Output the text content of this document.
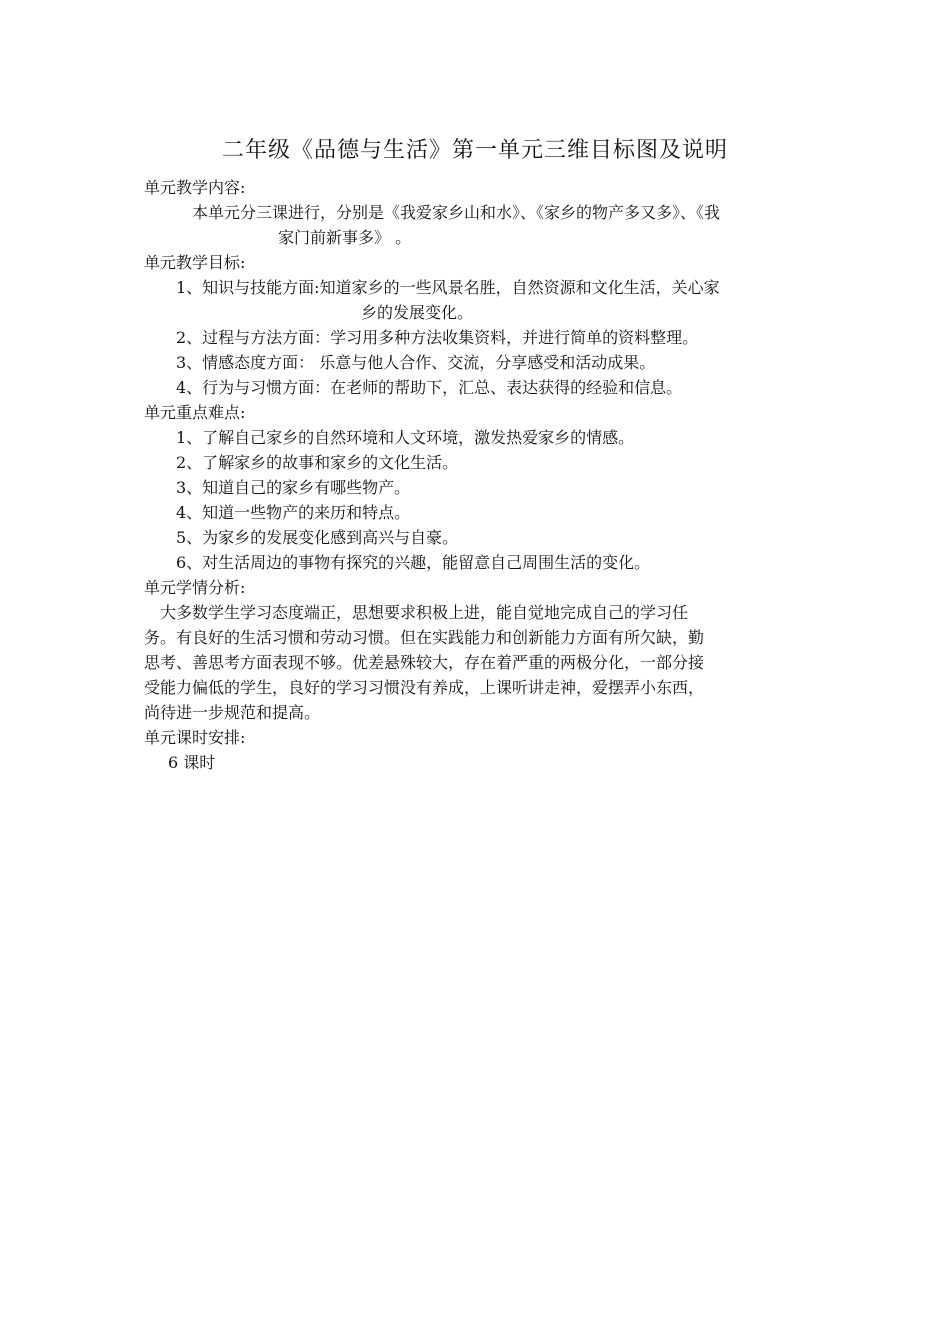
二年级《品德与生活》第一单元三维目标图及说明
单元教学内容:
本单元分三课进行，分别是《我爱家乡山和水》、《家乡的物产多又多》、《我
家门前新事多》 。
单元教学目标:
1、知识与技能方面:知道家乡的一些风景名胜，自然资源和文化生活，关心家
乡的发展变化。
2、过程与方法方面：学习用多种方法收集资料，并进行简单的资料整理。
3、情感态度方面： 乐意与他人合作、交流，分享感受和活动成果。
4、行为与习惯方面：在老师的帮助下，汇总、表达获得的经验和信息。
单元重点难点:
1、了解自己家乡的自然环境和人文环境，激发热爱家乡的情感。
2、了解家乡的故事和家乡的文化生活。
3、知道自己的家乡有哪些物产。
4、知道一些物产的来历和特点。
5、为家乡的发展变化感到高兴与自豪。
6、对生活周边的事物有探究的兴趣，能留意自己周围生活的变化。
单元学情分析:
大多数学生学习态度端正，思想要求积极上进，能自觉地完成自己的学习任
务。有良好的生活习惯和劳动习惯。但在实践能力和创新能力方面有所欠缺，勤
思考、善思考方面表现不够。优差悬殊较大，存在着严重的两极分化，一部分接
受能力偏低的学生，良好的学习习惯没有养成，上课听讲走神，爱摆弄小东西，
尚待进一步规范和提高。
单元课时安排:
6 课时
